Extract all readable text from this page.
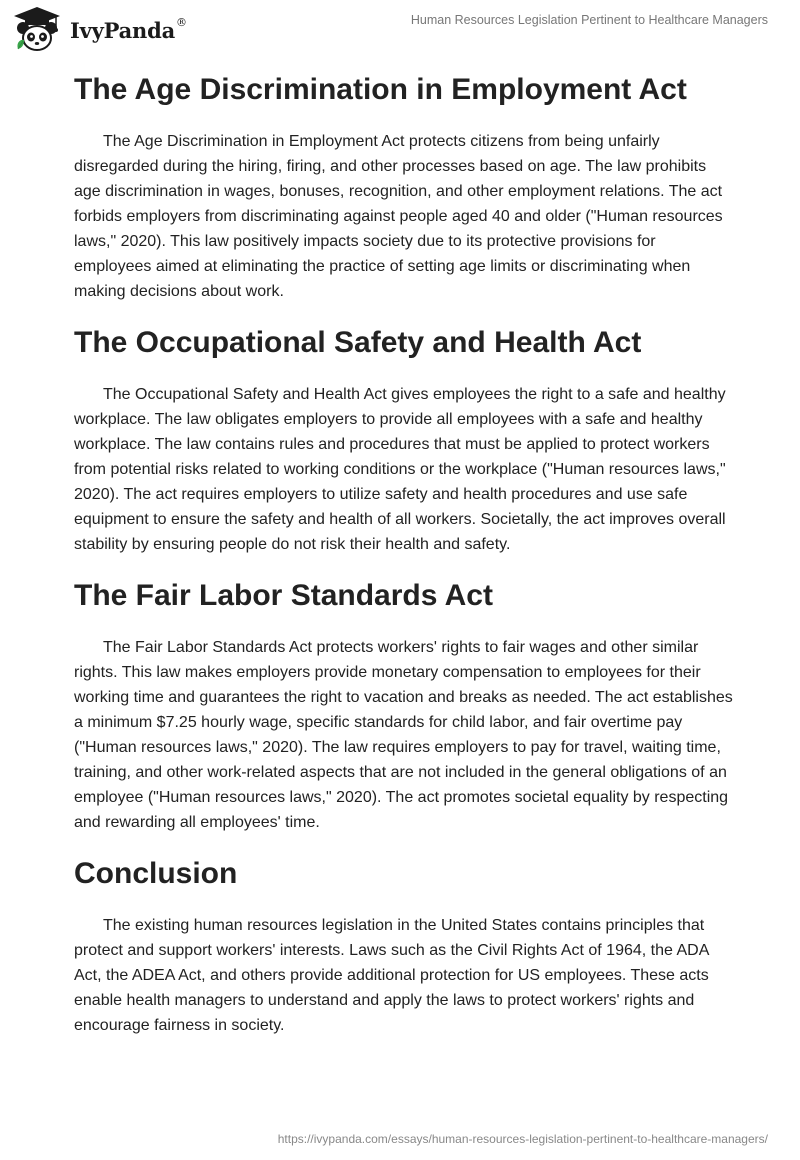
IvyPanda®	Human Resources Legislation Pertinent to Healthcare Managers
The Age Discrimination in Employment Act

The Age Discrimination in Employment Act protects citizens from being unfairly disregarded during the hiring, firing, and other processes based on age. The law prohibits age discrimination in wages, bonuses, recognition, and other employment relations. The act forbids employers from discriminating against people aged 40 and older ("Human resources laws," 2020). This law positively impacts society due to its protective provisions for employees aimed at eliminating the practice of setting age limits or discriminating when making decisions about work.

The Occupational Safety and Health Act

The Occupational Safety and Health Act gives employees the right to a safe and healthy workplace. The law obligates employers to provide all employees with a safe and healthy workplace. The law contains rules and procedures that must be applied to protect workers from potential risks related to working conditions or the workplace ("Human resources laws," 2020). The act requires employers to utilize safety and health procedures and use safe equipment to ensure the safety and health of all workers. Societally, the act improves overall stability by ensuring people do not risk their health and safety.

The Fair Labor Standards Act

The Fair Labor Standards Act protects workers' rights to fair wages and other similar rights. This law makes employers provide monetary compensation to employees for their working time and guarantees the right to vacation and breaks as needed. The act establishes a minimum $7.25 hourly wage, specific standards for child labor, and fair overtime pay ("Human resources laws," 2020). The law requires employers to pay for travel, waiting time, training, and other work-related aspects that are not included in the general obligations of an employee ("Human resources laws," 2020). The act promotes societal equality by respecting and rewarding all employees' time.

Conclusion

The existing human resources legislation in the United States contains principles that protect and support workers' interests. Laws such as the Civil Rights Act of 1964, the ADA Act, the ADEA Act, and others provide additional protection for US employees. These acts enable health managers to understand and apply the laws to protect workers' rights and encourage fairness in society.

https://ivypanda.com/essays/human-resources-legislation-pertinent-to-healthcare-managers/
